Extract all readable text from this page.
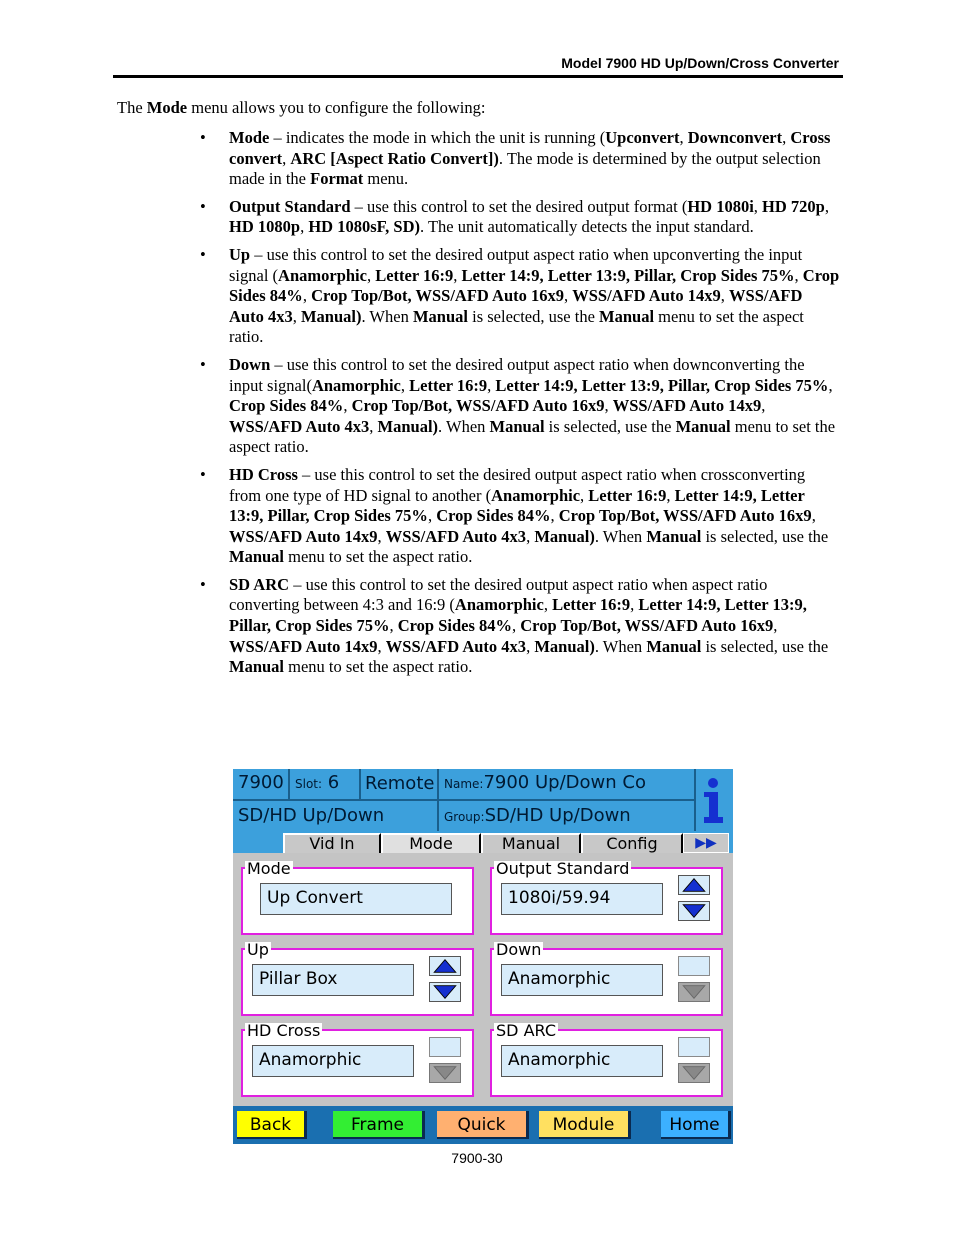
Model 7900 HD Up/Down/Cross Converter
The Mode menu allows you to configure the following:
• Mode – indicates the mode in which the unit is running (Upconvert, Downconvert, Cross convert, ARC [Aspect Ratio Convert]). The mode is determined by the output selection made in the Format menu.
• Output Standard – use this control to set the desired output format (HD 1080i, HD 720p, HD 1080p, HD 1080sF, SD). The unit automatically detects the input standard.
• Up – use this control to set the desired output aspect ratio when upconverting the input signal (Anamorphic, Letter 16:9, Letter 14:9, Letter 13:9, Pillar, Crop Sides 75%, Crop Sides 84%, Crop Top/Bot, WSS/AFD Auto 16x9, WSS/AFD Auto 14x9, WSS/AFD Auto 4x3, Manual). When Manual is selected, use the Manual menu to set the aspect ratio.
• Down – use this control to set the desired output aspect ratio when downconverting the input signal(Anamorphic, Letter 16:9, Letter 14:9, Letter 13:9, Pillar, Crop Sides 75%, Crop Sides 84%, Crop Top/Bot, WSS/AFD Auto 16x9, WSS/AFD Auto 14x9, WSS/AFD Auto 4x3, Manual). When Manual is selected, use the Manual menu to set the aspect ratio.
• HD Cross – use this control to set the desired output aspect ratio when crossconverting from one type of HD signal to another (Anamorphic, Letter 16:9, Letter 14:9, Letter 13:9, Pillar, Crop Sides 75%, Crop Sides 84%, Crop Top/Bot, WSS/AFD Auto 16x9, WSS/AFD Auto 14x9, WSS/AFD Auto 4x3, Manual). When Manual is selected, use the Manual menu to set the aspect ratio.
• SD ARC – use this control to set the desired output aspect ratio when aspect ratio converting between 4:3 and 16:9 (Anamorphic, Letter 16:9, Letter 14:9, Letter 13:9, Pillar, Crop Sides 75%, Crop Sides 84%, Crop Top/Bot, WSS/AFD Auto 16x9, WSS/AFD Auto 14x9, WSS/AFD Auto 4x3, Manual). When Manual is selected, use the Manual menu to set the aspect ratio.
7900 Slot: 6 Remote Name:7900 Up/Down Co
SD/HD Up/Down	Group:SD/HD Up/Down
Vid In	Mode	Manual	Config	▶▶
Mode
Up Convert
Output Standard
1080i/59.94
Up
Pillar Box
Down
Anamorphic
HD Cross
Anamorphic
SD ARC
Anamorphic
Back	Frame	Quick	Module	Home
7900-30
